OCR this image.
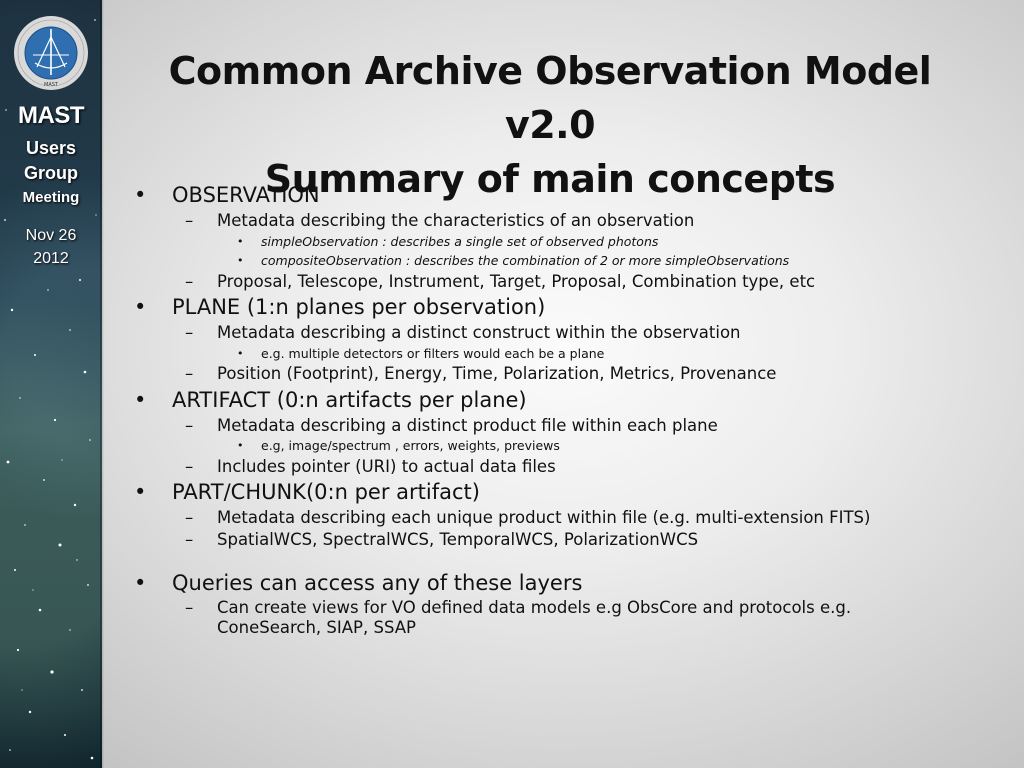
MAST
MAST
Users
Group
Meeting
Nov 26
2012
Common Archive Observation Model v2.0
Summary of main concepts
• OBSERVATION
– Metadata describing the characteristics of an observation
• simpleObservation : describes a single set of observed photons
• compositeObservation : describes the combination of 2 or more simpleObservations
– Proposal, Telescope, Instrument, Target, Proposal, Combination type, etc
• PLANE (1:n planes per observation)
– Metadata describing a distinct construct within the observation
• e.g. multiple detectors or filters would each be a plane
– Position (Footprint), Energy, Time, Polarization, Metrics, Provenance
• ARTIFACT (0:n artifacts per plane)
– Metadata describing a distinct product file within each plane
• e.g, image/spectrum , errors, weights, previews
– Includes pointer (URI) to actual data files
• PART/CHUNK(0:n per artifact)
– Metadata describing each unique product within file (e.g. multi-extension FITS)
– SpatialWCS, SpectralWCS, TemporalWCS, PolarizationWCS
• Queries can access any of these layers
– Can create views for VO defined data models e.g ObsCore and protocols e.g. ConeSearch, SIAP, SSAP
